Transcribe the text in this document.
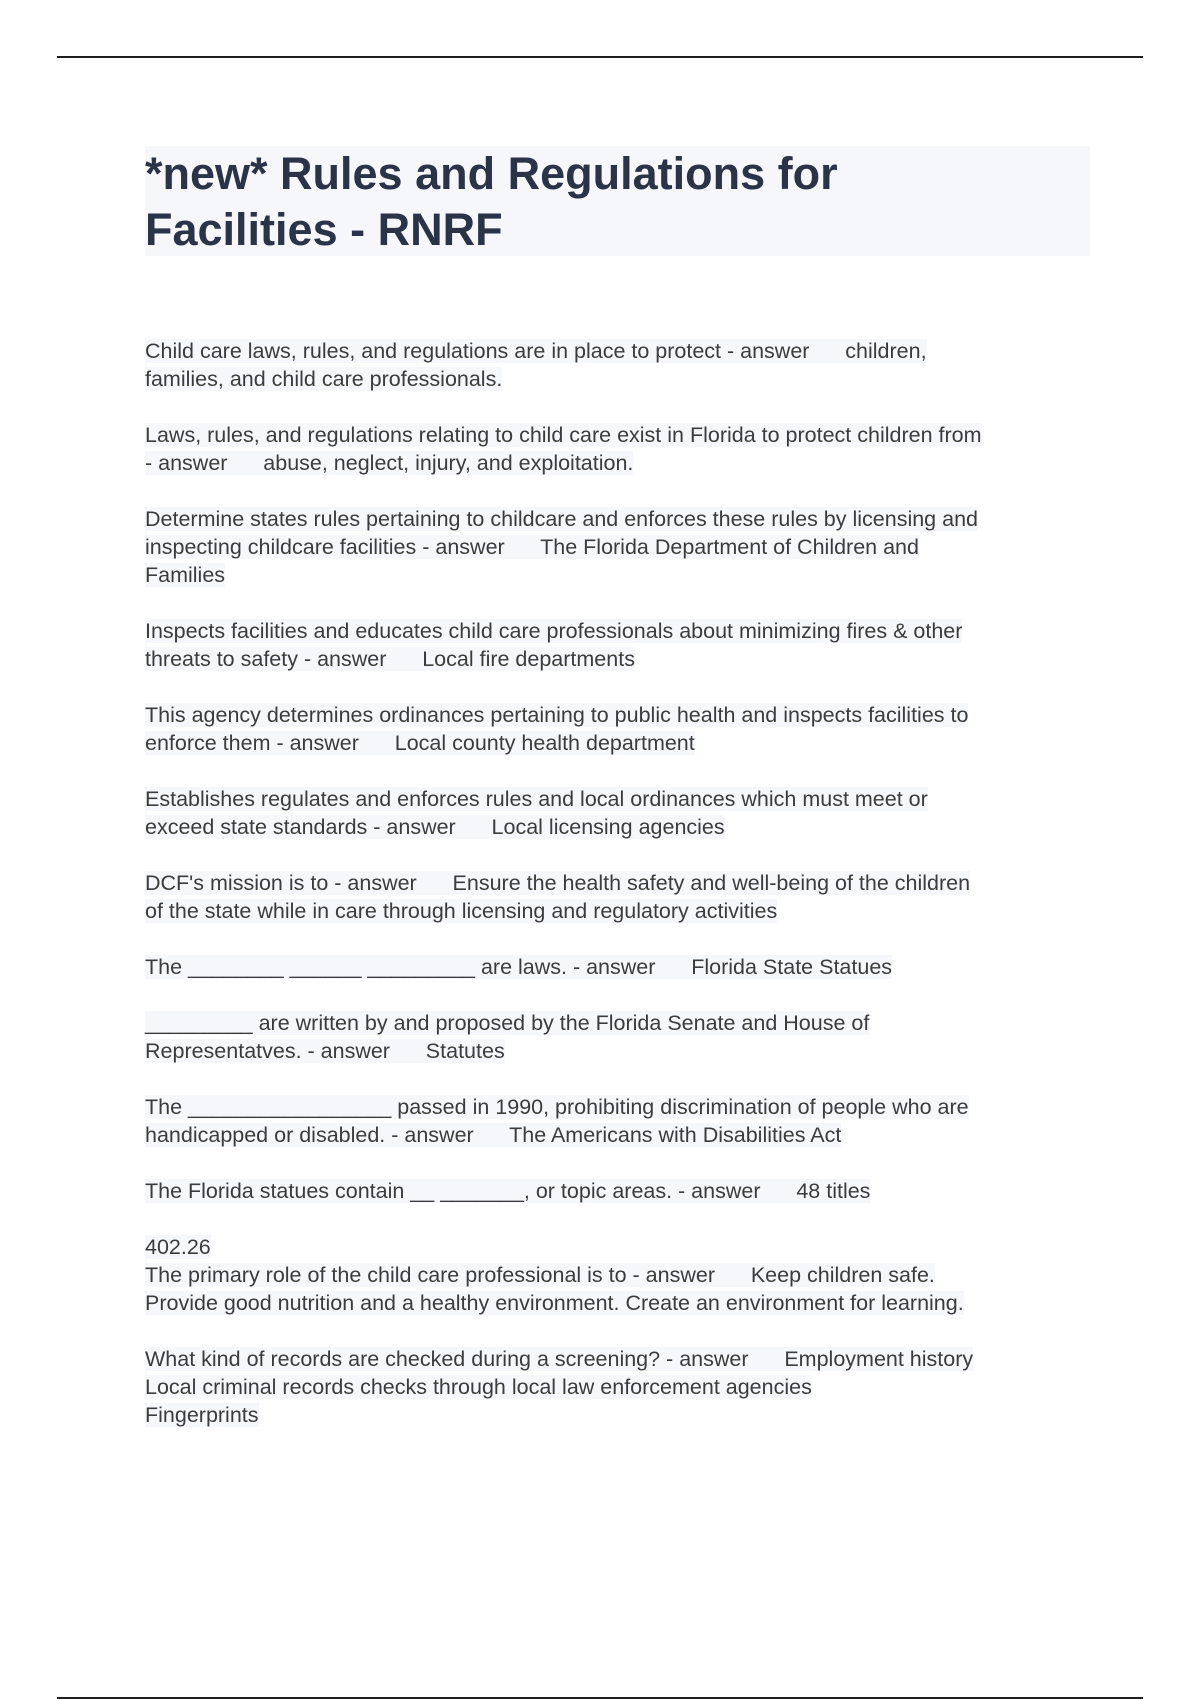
*new* Rules and Regulations for
Facilities - RNRF
Child care laws, rules, and regulations are in place to protect - answer      children,
families, and child care professionals.
Laws, rules, and regulations relating to child care exist in Florida to protect children from
- answer      abuse, neglect, injury, and exploitation.
Determine states rules pertaining to childcare and enforces these rules by licensing and
inspecting childcare facilities - answer      The Florida Department of Children and
Families
Inspects facilities and educates child care professionals about minimizing fires & other
threats to safety - answer      Local fire departments
This agency determines ordinances pertaining to public health and inspects facilities to
enforce them - answer      Local county health department
Establishes regulates and enforces rules and local ordinances which must meet or
exceed state standards - answer      Local licensing agencies
DCF's mission is to - answer      Ensure the health safety and well-being of the children
of the state while in care through licensing and regulatory activities
The ________ ______ _________ are laws. - answer      Florida State Statues
_________ are written by and proposed by the Florida Senate and House of
Representatves. - answer      Statutes
The _________________ passed in 1990, prohibiting discrimination of people who are
handicapped or disabled. - answer      The Americans with Disabilities Act
The Florida statues contain __ _______, or topic areas. - answer      48 titles
402.26
The primary role of the child care professional is to - answer      Keep children safe.
Provide good nutrition and a healthy environment. Create an environment for learning.
What kind of records are checked during a screening? - answer      Employment history
Local criminal records checks through local law enforcement agencies
Fingerprints
